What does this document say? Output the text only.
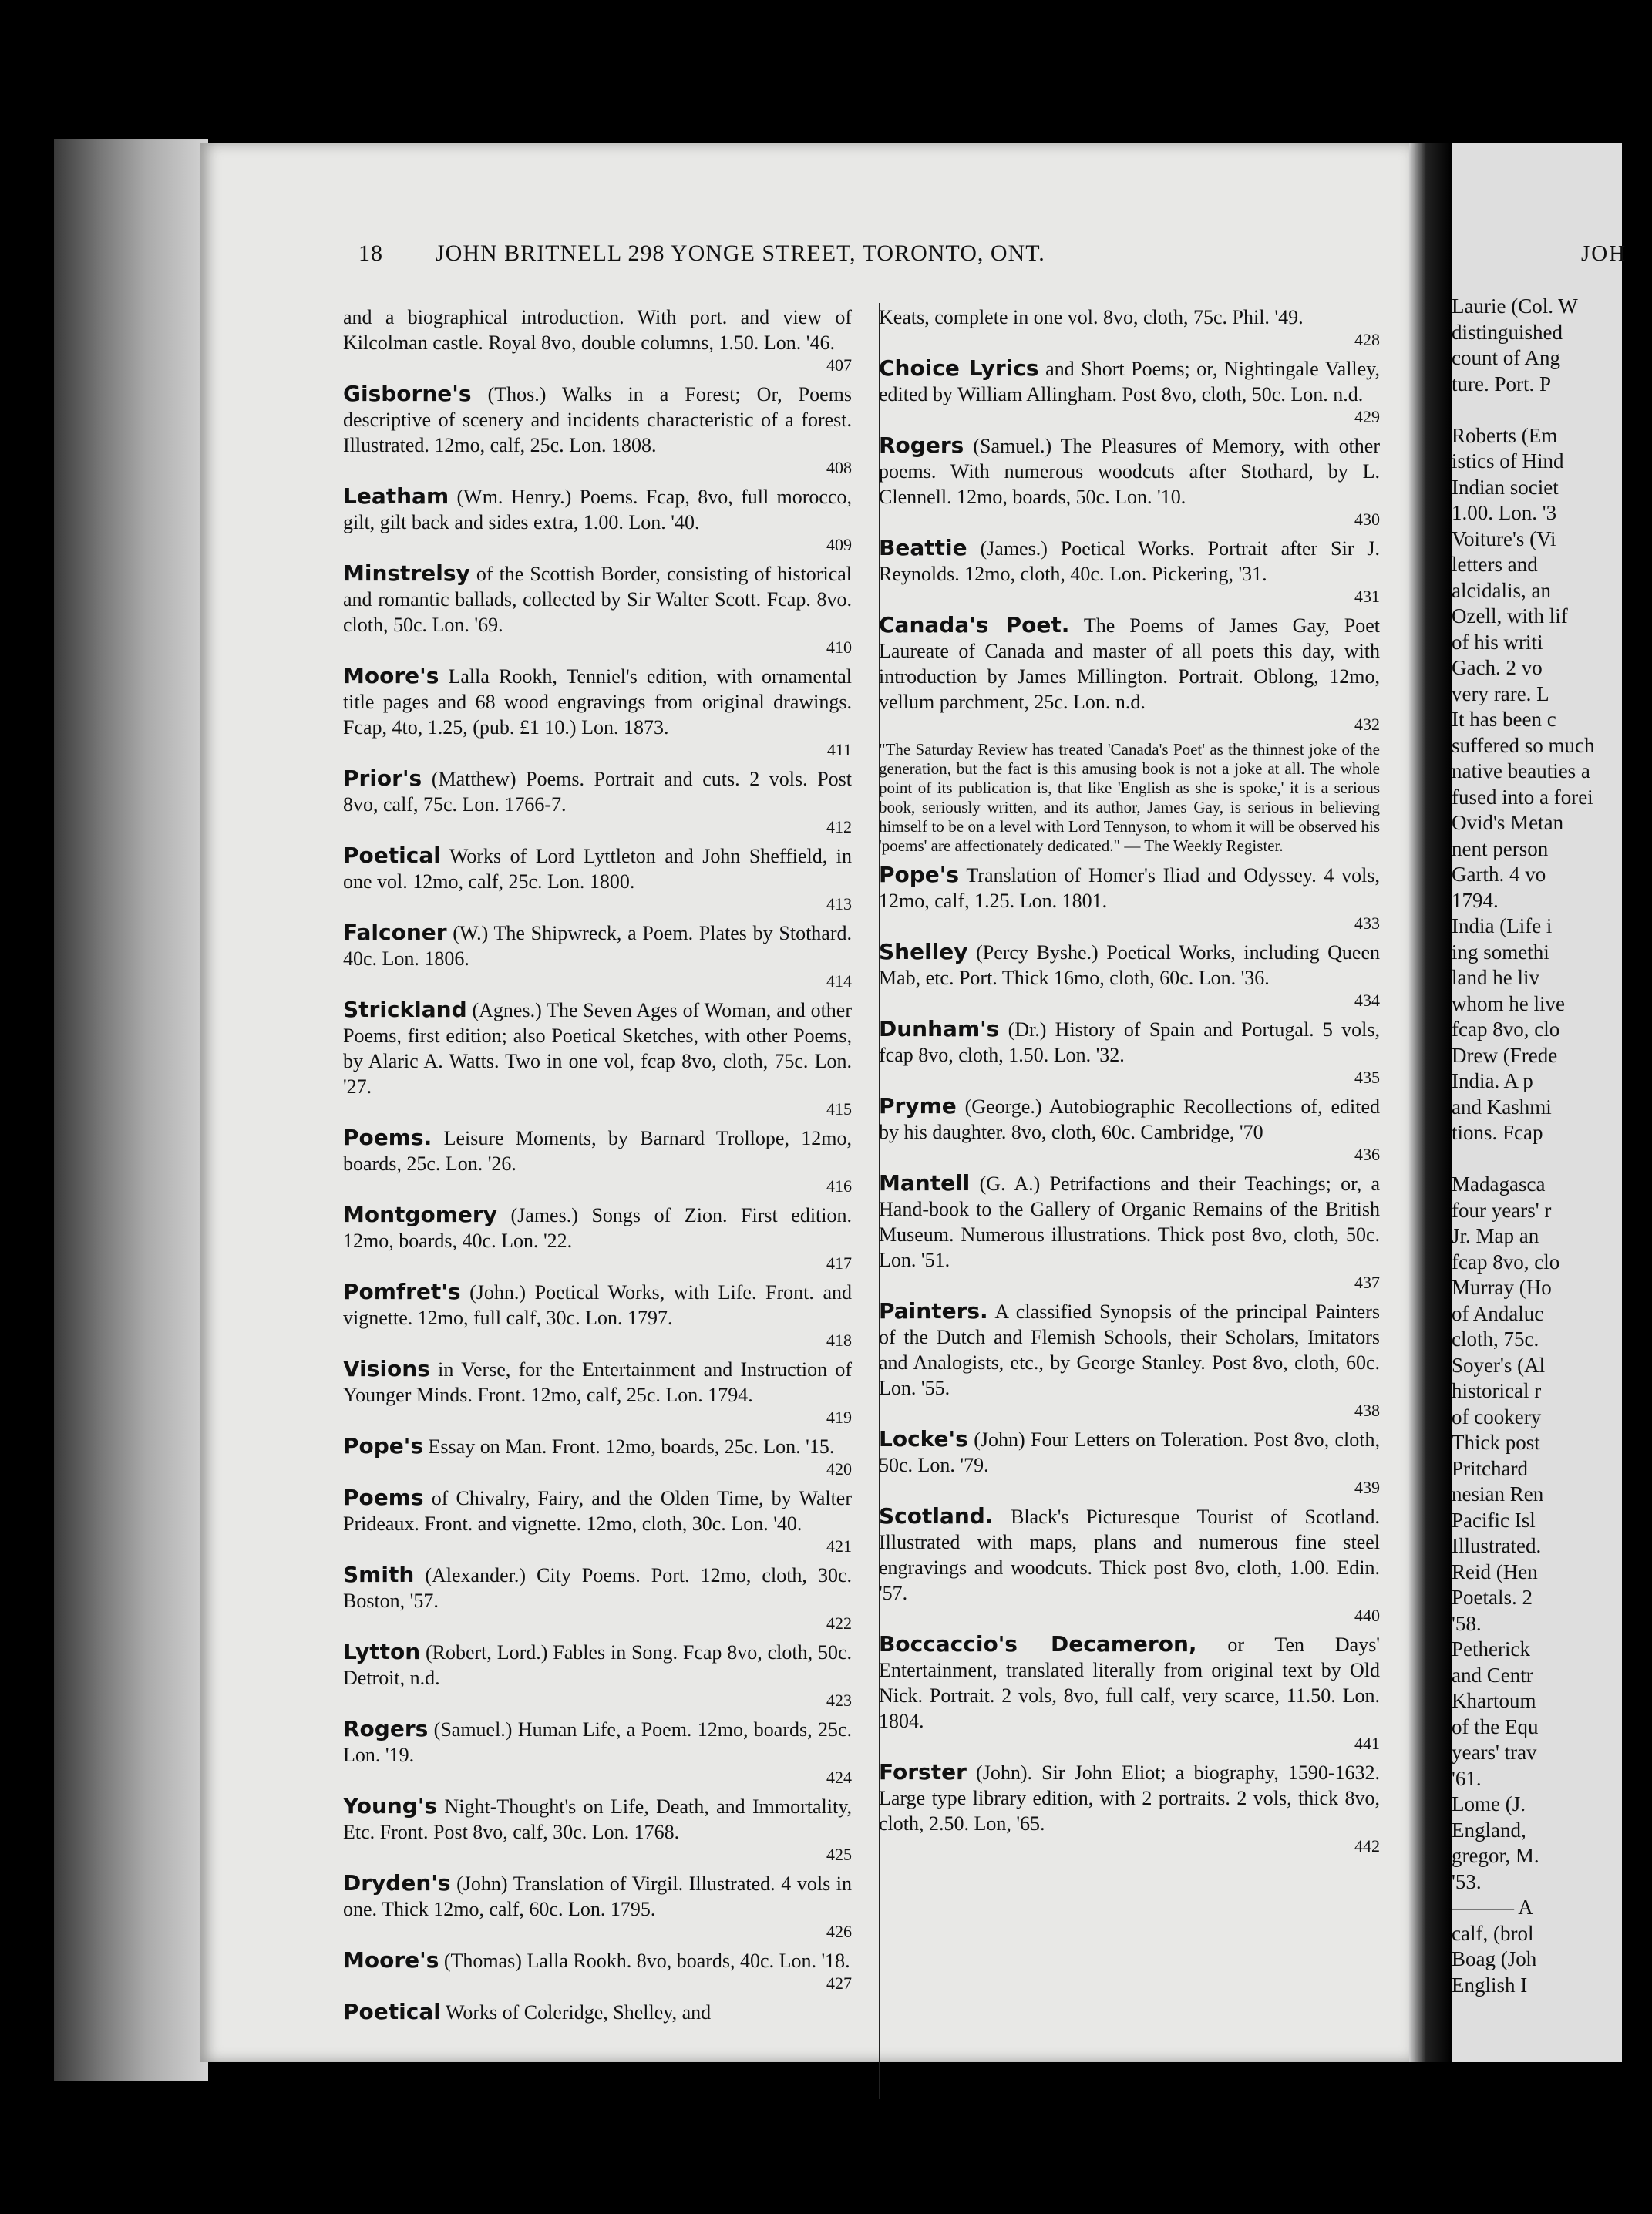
18 JOHN BRITNELL 298 YONGE STREET, TORONTO, ONT.
and a biographical introduction. With port. and view of Kilcolman castle. Royal 8vo, double columns, 1.50. Lon. '46.
407
Gisborne's (Thos.) Walks in a Forest; Or, Poems descriptive of scenery and incidents characteristic of a forest. Illustrated. 12mo, calf, 25c. Lon. 1808.
408
Leatham (Wm. Henry.) Poems. Fcap, 8vo, full morocco, gilt, gilt back and sides extra, 1.00. Lon. '40.
409
Minstrelsy of the Scottish Border, consisting of historical and romantic ballads, collected by Sir Walter Scott. Fcap. 8vo. cloth, 50c. Lon. '69.
410
Moore's Lalla Rookh, Tenniel's edition, with ornamental title pages and 68 wood engravings from original drawings. Fcap, 4to, 1.25, (pub. £1 10.) Lon. 1873.
411
Prior's (Matthew) Poems. Portrait and cuts. 2 vols. Post 8vo, calf, 75c. Lon. 1766-7.
412
Poetical Works of Lord Lyttleton and John Sheffield, in one vol. 12mo, calf, 25c. Lon. 1800.
413
Falconer (W.) The Shipwreck, a Poem. Plates by Stothard. 40c. Lon. 1806.
414
Strickland (Agnes.) The Seven Ages of Woman, and other Poems, first edition; also Poetical Sketches, with other Poems, by Alaric A. Watts. Two in one vol, fcap 8vo, cloth, 75c. Lon. '27.
415
Poems. Leisure Moments, by Barnard Trollope, 12mo, boards, 25c. Lon. '26.
416
Montgomery (James.) Songs of Zion. First edition. 12mo, boards, 40c. Lon. '22.
417
Pomfret's (John.) Poetical Works, with Life. Front. and vignette. 12mo, full calf, 30c. Lon. 1797.
418
Visions in Verse, for the Entertainment and Instruction of Younger Minds. Front. 12mo, calf, 25c. Lon. 1794.
419
Pope's Essay on Man. Front. 12mo, boards, 25c. Lon. '15.
420
Poems of Chivalry, Fairy, and the Olden Time, by Walter Prideaux. Front. and vignette. 12mo, cloth, 30c. Lon. '40.
421
Smith (Alexander.) City Poems. Port. 12mo, cloth, 30c. Boston, '57.
422
Lytton (Robert, Lord.) Fables in Song. Fcap 8vo, cloth, 50c. Detroit, n.d.
423
Rogers (Samuel.) Human Life, a Poem. 12mo, boards, 25c. Lon. '19.
424
Young's Night-Thought's on Life, Death, and Immortality, Etc. Front. Post 8vo, calf, 30c. Lon. 1768.
425
Dryden's (John) Translation of Virgil. Illustrated. 4 vols in one. Thick 12mo, calf, 60c. Lon. 1795.
426
Moore's (Thomas) Lalla Rookh. 8vo, boards, 40c. Lon. '18.
427
Poetical Works of Coleridge, Shelley, and
Keats, complete in one vol. 8vo, cloth, 75c. Phil. '49.
428
Choice Lyrics and Short Poems; or, Nightingale Valley, edited by William Allingham. Post 8vo, cloth, 50c. Lon. n.d.
429
Rogers (Samuel.) The Pleasures of Memory, with other poems. With numerous woodcuts after Stothard, by L. Clennell. 12mo, boards, 50c. Lon. '10.
430
Beattie (James.) Poetical Works. Portrait after Sir J. Reynolds. 12mo, cloth, 40c. Lon. Pickering, '31.
431
Canada's Poet. The Poems of James Gay, Poet Laureate of Canada and master of all poets this day, with introduction by James Millington. Portrait. Oblong, 12mo, vellum parchment, 25c. Lon. n.d.
432
"The Saturday Review has treated 'Canada's Poet' as the thinnest joke of the generation, but the fact is this amusing book is not a joke at all. The whole point of its publication is, that like 'English as she is spoke,' it is a serious book, seriously written, and its author, James Gay, is serious in believing himself to be on a level with Lord Tennyson, to whom it will be observed his 'poems' are affectionately dedicated." — The Weekly Register.
Pope's Translation of Homer's Iliad and Odyssey. 4 vols, 12mo, calf, 1.25. Lon. 1801.
433
Shelley (Percy Byshe.) Poetical Works, including Queen Mab, etc. Port. Thick 16mo, cloth, 60c. Lon. '36.
434
Dunham's (Dr.) History of Spain and Portugal. 5 vols, fcap 8vo, cloth, 1.50. Lon. '32.
435
Pryme (George.) Autobiographic Recollections of, edited by his daughter. 8vo, cloth, 60c. Cambridge, '70
436
Mantell (G. A.) Petrifactions and their Teachings; or, a Hand-book to the Gallery of Organic Remains of the British Museum. Numerous illustrations. Thick post 8vo, cloth, 50c. Lon. '51.
437
Painters. A classified Synopsis of the principal Painters of the Dutch and Flemish Schools, their Scholars, Imitators and Analogists, etc., by George Stanley. Post 8vo, cloth, 60c. Lon. '55.
438
Locke's (John) Four Letters on Toleration. Post 8vo, cloth, 50c. Lon. '79.
439
Scotland. Black's Picturesque Tourist of Scotland. Illustrated with maps, plans and numerous fine steel engravings and woodcuts. Thick post 8vo, cloth, 1.00. Edin. '57.
440
Boccaccio's Decameron, or Ten Days' Entertainment, translated literally from original text by Old Nick. Portrait. 2 vols, 8vo, full calf, very scarce, 11.50. Lon. 1804.
441
Forster (John). Sir John Eliot; a biography, 1590-1632. Large type library edition, with 2 portraits. 2 vols, thick 8vo, cloth, 2.50. Lon, '65.
442
JOH
Laurie (Col. W
distinguished
count of Ang
ture. Port. P
Roberts (Em
istics of Hind
Indian societ
1.00. Lon. '3
Voiture's (Vi
letters and
alcidalis, an
Ozell, with lif
of his writi
Gach. 2 vo
very rare. L
It has been c
suffered so much
native beauties a
fused into a forei
Ovid's Metan
nent person
Garth. 4 vo
1794.
India (Life i
ing somethi
land he liv
whom he live
fcap 8vo, clo
Drew (Frede
India. A p
and Kashmi
tions. Fcap
Madagasca
four years' r
Jr. Map an
fcap 8vo, clo
Murray (Ho
of Andaluc
cloth, 75c.
Soyer's (Al
historical r
of cookery
Thick post
Pritchard
nesian Ren
Pacific Isl
Illustrated.
Reid (Hen
Poetals. 2
'58.
Petherick
and Centr
Khartoum
of the Equ
years' trav
'61.
Lome (J.
England,
gregor, M.
'53.
——— A
calf, (brol
Boag (Joh
English I
